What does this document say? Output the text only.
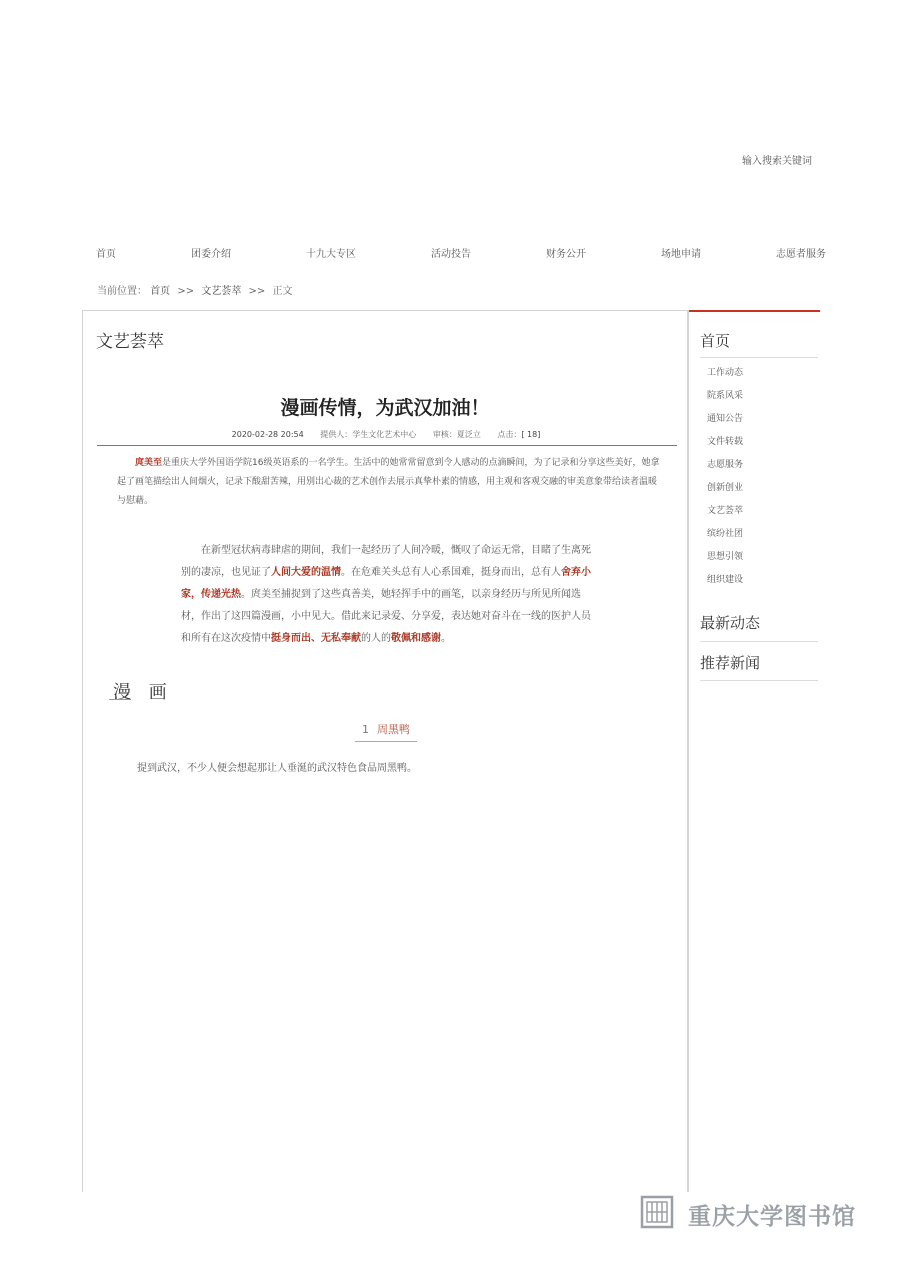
输入搜索关键词
首页	团委介绍	十九大专区	活动投告	财务公开	场地申请	志愿者服务
当前位置： 首页 >> 文艺荟萃 >> 正文
文艺荟萃
漫画传情，为武汉加油！
2020-02-28 20:54 提供人：学生文化艺术中心 审核：夏泛立 点击：[ 18]

庹美至是重庆大学外国语学院16级英语系的一名学生。生活中的她常常留意到令人感动的点滴瞬间，为了记录和分享这些美好，她拿起了画笔描绘出人间烟火，记录下酸甜苦辣，用别出心裁的艺术创作去展示真挚朴素的情感，用主观和客观交融的审美意象带给读者温暖与慰藉。

在新型冠状病毒肆虐的期间，我们一起经历了人间冷暖，慨叹了命运无常，目睹了生离死别的凄凉，也见证了人间大爱的温情。在危难关头总有人心系国难，挺身而出，总有人舍弃小家，传递光热。庹美至捕捉到了这些真善美，她轻挥手中的画笔，以亲身经历与所见所闻选材，作出了这四篇漫画，小中见大。借此来记录爱、分享爱，表达她对奋斗在一线的医护人员和所有在这次疫情中挺身而出、无私奉献的人的敬佩和感谢。

漫 画
1 周黑鸭

提到武汉，不少人便会想起那让人垂涎的武汉特色食品周黑鸭。

首页
工作动态
院系风采
通知公告
文件转载
志愿服务
创新创业
文艺荟萃
缤纷社团
思想引领
组织建设
最新动态
推荐新闻
重庆大学图书馆
